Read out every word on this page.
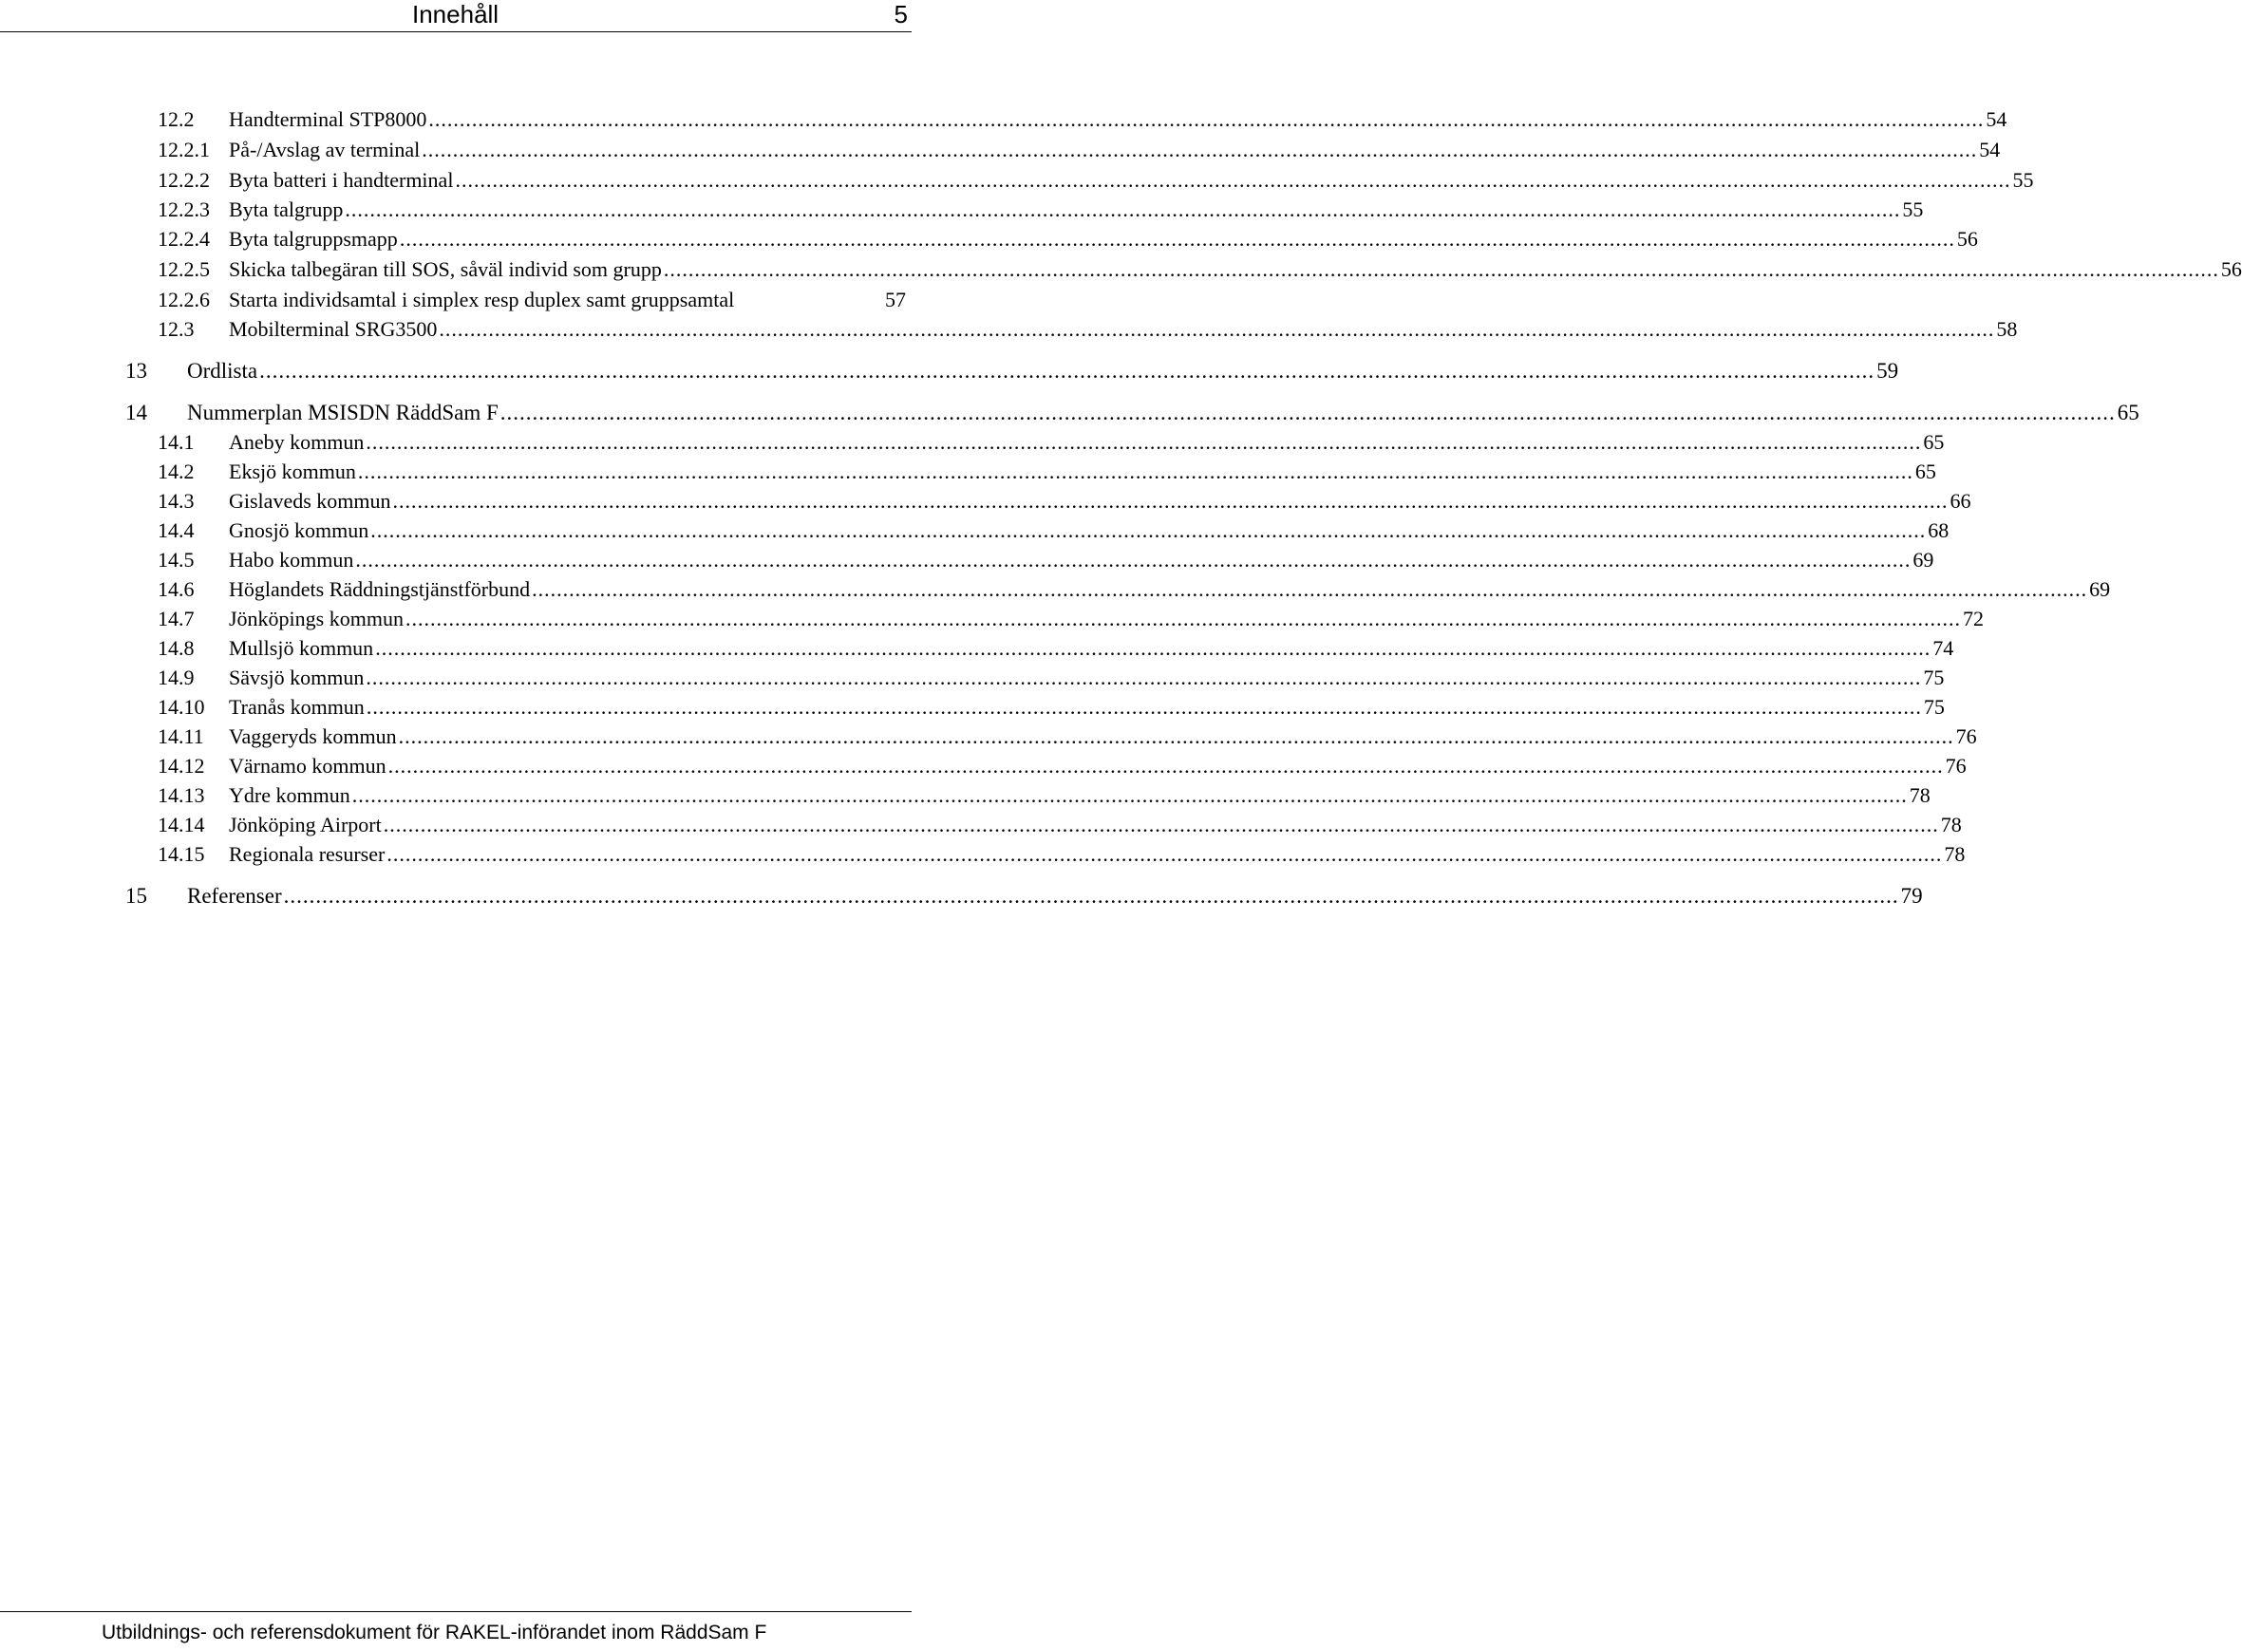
Innehåll	5
12.2	Handterminal STP8000 .....	54
12.2.1 På-/Avslag av terminal .....	54
12.2.2 Byta batteri i handterminal .....	55
12.2.3 Byta talgrupp .....	55
12.2.4 Byta talgruppsmapp .....	56
12.2.5 Skicka talbegäran till SOS, såväl individ som grupp .....	56
12.2.6 Starta individsamtal i simplex resp duplex samt gruppsamtal	57
12.3	Mobilterminal SRG3500 .....	58
13	Ordlista .....	59
14	Nummerplan MSISDN RäddSam F .....	65
14.1	Aneby kommun .....	65
14.2	Eksjö kommun .....	65
14.3	Gislaveds kommun .....	66
14.4	Gnosjö kommun .....	68
14.5	Habo kommun .....	69
14.6	Höglandets Räddningstjänstförbund .....	69
14.7	Jönköpings kommun .....	72
14.8	Mullsjö kommun .....	74
14.9	Sävsjö kommun .....	75
14.10	Tranås kommun .....	75
14.11	Vaggeryds kommun .....	76
14.12	Värnamo kommun .....	76
14.13	Ydre kommun .....	78
14.14	Jönköping Airport .....	78
14.15	Regionala resurser .....	78
15	Referenser .....	79
Utbildnings- och referensdokument för RAKEL-införandet inom RäddSam F
